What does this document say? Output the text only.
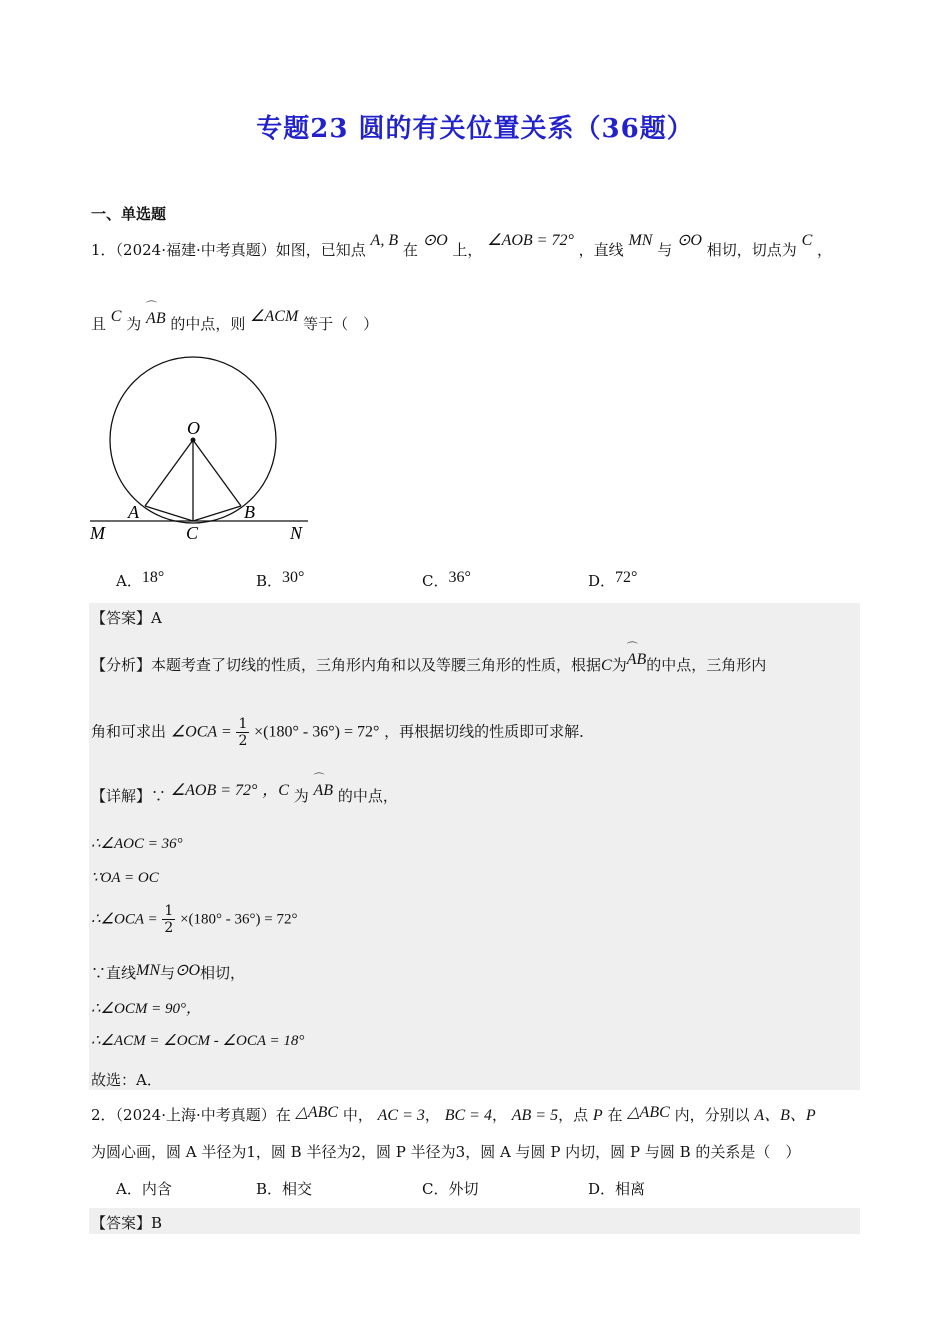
专题23 圆的有关位置关系（36题）
一、单选题
1．（2024·福建·中考真题）如图，已知点 A, B 在 ⊙O 上， ∠AOB = 72° ，直线 MN 与 ⊙O 相切，切点为 C ，
且 C 为 ⌒ AB 的中点，则 ∠ACM 等于（　）
O
A	B
C
M	N
A．18°	B．30°	C．36°	D．72°
【答案】A
【分析】本题考查了切线的性质，三角形内角和以及等腰三角形的性质，根据C为⌒ AB的中点，三角形内
角和可求出 ∠OCA = $\frac{1}{2} \times(180^\circ - 36^\circ) = 72^\circ$ ，再根据切线的性质即可求解．
【详解】∵ ∠AOB = 72° ，C 为 ⌒ AB 的中点，
∴∠AOC = 36°
∵OA = OC
∴∠OCA = $\frac{1}{2} \times(180^\circ - 36^\circ) = 72^\circ$
∵直线MN与⊙O相切，
∴∠OCM = 90°，
∴∠ACM = ∠OCM - ∠OCA = 18°
故选：A．
2．（2024·上海·中考真题）在 △ABC 中， AC = 3， BC = 4， AB = 5，点 P 在 △ABC 内，分别以 A、B、P
为圆心画，圆 A 半径为1，圆 B 半径为2，圆 P 半径为3，圆 A 与圆 P 内切，圆 P 与圆 B 的关系是（　）
A．内含	B．相交	C．外切	D．相离
【答案】B
